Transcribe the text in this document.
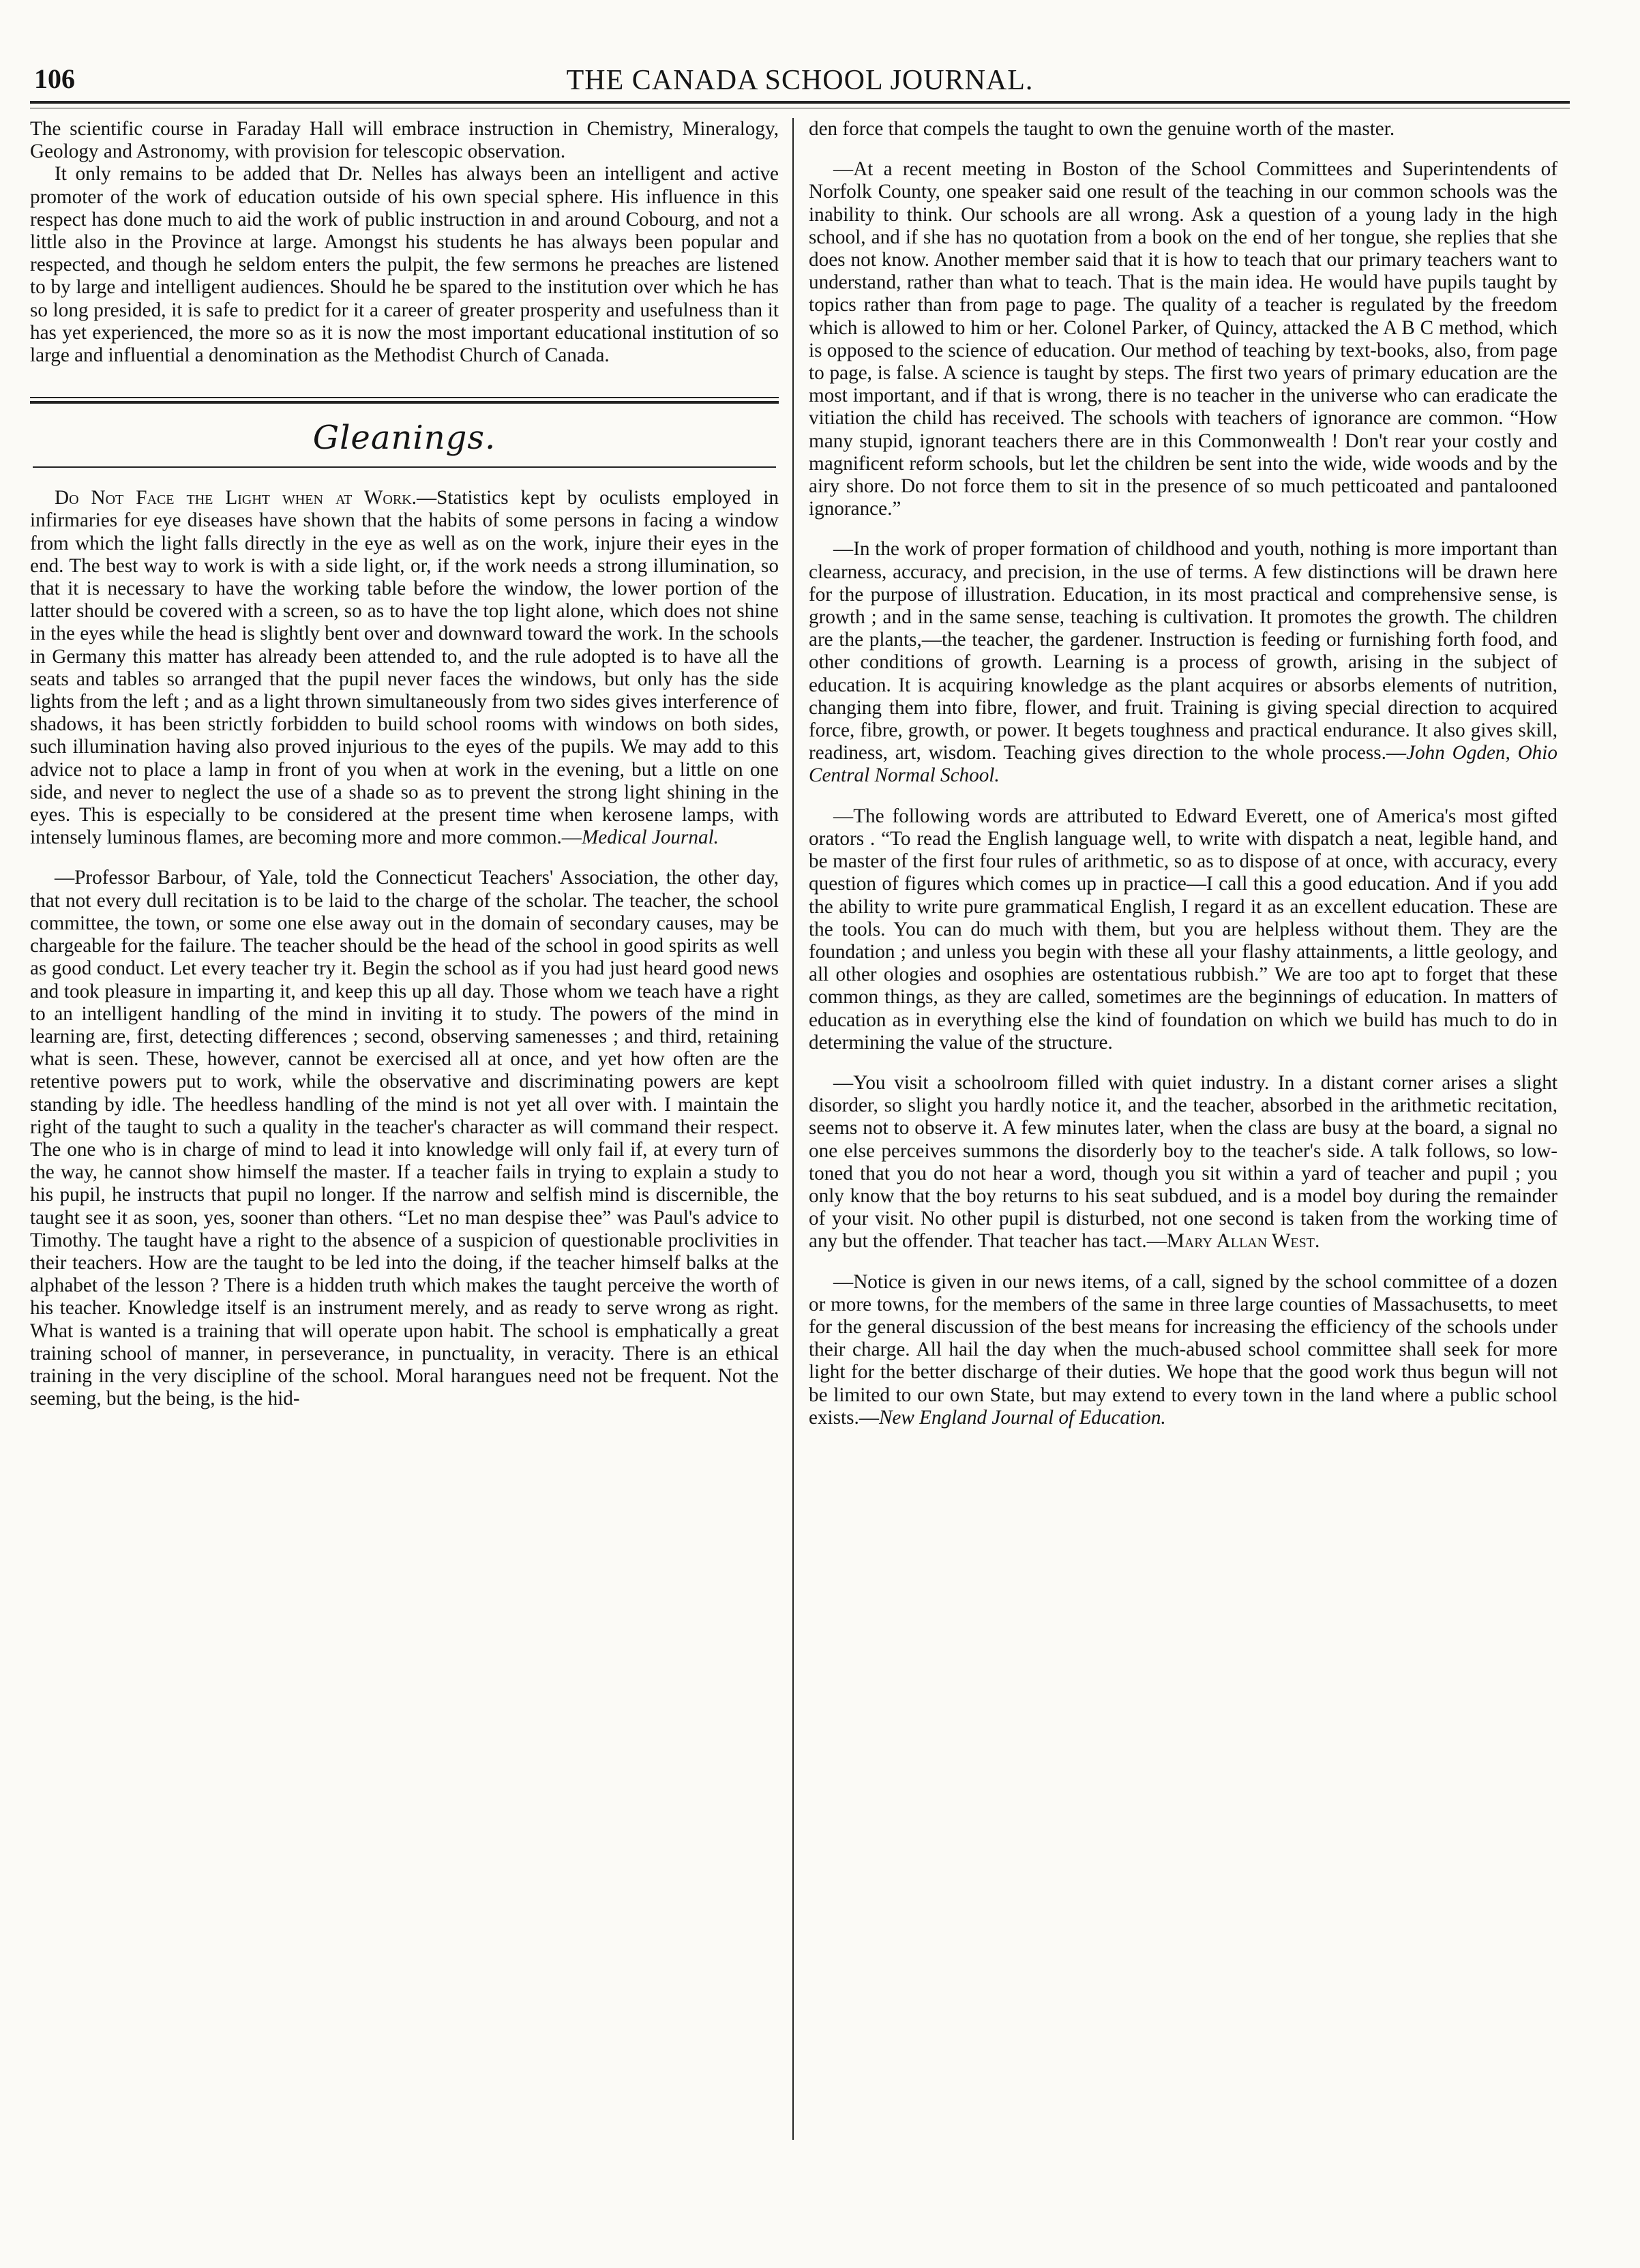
106	THE CANADA SCHOOL JOURNAL.

The scientific course in Faraday Hall will embrace instruction in Chemistry, Mineralogy, Geology and Astronomy, with provision for telescopic observation.

It only remains to be added that Dr. Nelles has always been an intelligent and active promoter of the work of education outside of his own special sphere. His influence in this respect has done much to aid the work of public instruction in and around Cobourg, and not a little also in the Province at large. Amongst his students he has always been popular and respected, and though he seldom enters the pulpit, the few sermons he preaches are listened to by large and intelligent audiences. Should he be spared to the institution over which he has so long presided, it is safe to predict for it a career of greater prosperity and usefulness than it has yet experienced, the more so as it is now the most important educational institution of so large and influential a denomination as the Methodist Church of Canada.

Gleanings.

Do Not Face the Light when at Work.—Statistics kept by oculists employed in infirmaries for eye diseases have shown that the habits of some persons in facing a window from which the light falls directly in the eye as well as on the work, injure their eyes in the end. The best way to work is with a side light, or, if the work needs a strong illumination, so that it is necessary to have the working table before the window, the lower portion of the latter should be covered with a screen, so as to have the top light alone, which does not shine in the eyes while the head is slightly bent over and downward toward the work. In the schools in Germany this matter has already been attended to, and the rule adopted is to have all the seats and tables so arranged that the pupil never faces the windows, but only has the side lights from the left ; and as a light thrown simultaneously from two sides gives interference of shadows, it has been strictly forbidden to build school rooms with windows on both sides, such illumination having also proved injurious to the eyes of the pupils. We may add to this advice not to place a lamp in front of you when at work in the evening, but a little on one side, and never to neglect the use of a shade so as to prevent the strong light shining in the eyes. This is especially to be considered at the present time when kerosene lamps, with intensely luminous flames, are becoming more and more common.—Medical Journal.

—Professor Barbour, of Yale, told the Connecticut Teachers' Association, the other day, that not every dull recitation is to be laid to the charge of the scholar. The teacher, the school committee, the town, or some one else away out in the domain of secondary causes, may be chargeable for the failure. The teacher should be the head of the school in good spirits as well as good conduct. Let every teacher try it. Begin the school as if you had just heard good news and took pleasure in imparting it, and keep this up all day. Those whom we teach have a right to an intelligent handling of the mind in inviting it to study. The powers of the mind in learning are, first, detecting differences ; second, observing samenesses ; and third, retaining what is seen. These, however, cannot be exercised all at once, and yet how often are the retentive powers put to work, while the observative and discriminating powers are kept standing by idle. The heedless handling of the mind is not yet all over with. I maintain the right of the taught to such a quality in the teacher's character as will command their respect. The one who is in charge of mind to lead it into knowledge will only fail if, at every turn of the way, he cannot show himself the master. If a teacher fails in trying to explain a study to his pupil, he instructs that pupil no longer. If the narrow and selfish mind is discernible, the taught see it as soon, yes, sooner than others. “Let no man despise thee” was Paul's advice to Timothy. The taught have a right to the absence of a suspicion of questionable proclivities in their teachers. How are the taught to be led into the doing, if the teacher himself balks at the alphabet of the lesson ? There is a hidden truth which makes the taught perceive the worth of his teacher. Knowledge itself is an instrument merely, and as ready to serve wrong as right. What is wanted is a training that will operate upon habit. The school is emphatically a great training school of manner, in perseverance, in punctuality, in veracity. There is an ethical training in the very discipline of the school. Moral harangues need not be frequent. Not the seeming, but the being, is the hid-

den force that compels the taught to own the genuine worth of the master.

—At a recent meeting in Boston of the School Committees and Superintendents of Norfolk County, one speaker said one result of the teaching in our common schools was the inability to think. Our schools are all wrong. Ask a question of a young lady in the high school, and if she has no quotation from a book on the end of her tongue, she replies that she does not know. Another member said that it is how to teach that our primary teachers want to understand, rather than what to teach. That is the main idea. He would have pupils taught by topics rather than from page to page. The quality of a teacher is regulated by the freedom which is allowed to him or her. Colonel Parker, of Quincy, attacked the A B C method, which is opposed to the science of education. Our method of teaching by text-books, also, from page to page, is false. A science is taught by steps. The first two years of primary education are the most important, and if that is wrong, there is no teacher in the universe who can eradicate the vitiation the child has received. The schools with teachers of ignorance are common. “How many stupid, ignorant teachers there are in this Commonwealth ! Don't rear your costly and magnificent reform schools, but let the children be sent into the wide, wide woods and by the airy shore. Do not force them to sit in the presence of so much petticoated and pantalooned ignorance.”

—In the work of proper formation of childhood and youth, nothing is more important than clearness, accuracy, and precision, in the use of terms. A few distinctions will be drawn here for the purpose of illustration. Education, in its most practical and comprehensive sense, is growth ; and in the same sense, teaching is cultivation. It promotes the growth. The children are the plants,—the teacher, the gardener. Instruction is feeding or furnishing forth food, and other conditions of growth. Learning is a process of growth, arising in the subject of education. It is acquiring knowledge as the plant acquires or absorbs elements of nutrition, changing them into fibre, flower, and fruit. Training is giving special direction to acquired force, fibre, growth, or power. It begets toughness and practical endurance. It also gives skill, readiness, art, wisdom. Teaching gives direction to the whole process.—John Ogden, Ohio Central Normal School.

—The following words are attributed to Edward Everett, one of America's most gifted orators . “To read the English language well, to write with dispatch a neat, legible hand, and be master of the first four rules of arithmetic, so as to dispose of at once, with accuracy, every question of figures which comes up in practice—I call this a good education. And if you add the ability to write pure grammatical English, I regard it as an excellent education. These are the tools. You can do much with them, but you are helpless without them. They are the foundation ; and unless you begin with these all your flashy attainments, a little geology, and all other ologies and osophies are ostentatious rubbish.” We are too apt to forget that these common things, as they are called, sometimes are the beginnings of education. In matters of education as in everything else the kind of foundation on which we build has much to do in determining the value of the structure.

—You visit a schoolroom filled with quiet industry. In a distant corner arises a slight disorder, so slight you hardly notice it, and the teacher, absorbed in the arithmetic recitation, seems not to observe it. A few minutes later, when the class are busy at the board, a signal no one else perceives summons the disorderly boy to the teacher's side. A talk follows, so low-toned that you do not hear a word, though you sit within a yard of teacher and pupil ; you only know that the boy returns to his seat subdued, and is a model boy during the remainder of your visit. No other pupil is disturbed, not one second is taken from the working time of any but the offender. That teacher has tact.—Mary Allan West.

—Notice is given in our news items, of a call, signed by the school committee of a dozen or more towns, for the members of the same in three large counties of Massachusetts, to meet for the general discussion of the best means for increasing the efficiency of the schools under their charge. All hail the day when the much-abused school committee shall seek for more light for the better discharge of their duties. We hope that the good work thus begun will not be limited to our own State, but may extend to every town in the land where a public school exists.—New England Journal of Education.
